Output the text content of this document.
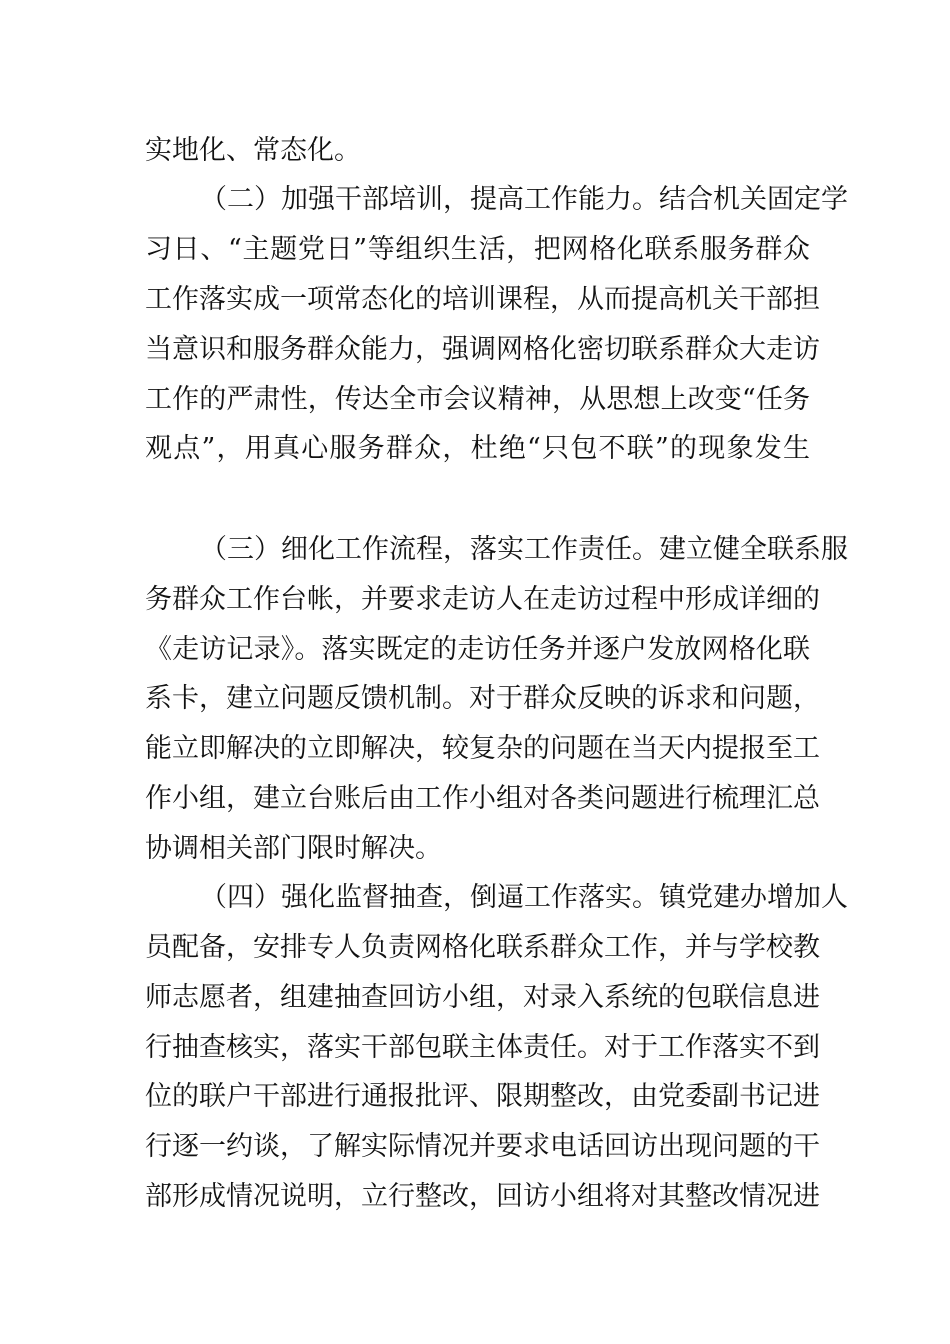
实地化、常态化。
（二）加强干部培训，提高工作能力。结合机关固定学
习日、“主题党日”等组织生活，把网格化联系服务群众
工作落实成一项常态化的培训课程，从而提高机关干部担
当意识和服务群众能力，强调网格化密切联系群众大走访
工作的严肃性，传达全市会议精神，从思想上改变“任务
观点”，用真心服务群众，杜绝“只包不联”的现象发生
（三）细化工作流程，落实工作责任。建立健全联系服
务群众工作台帐，并要求走访人在走访过程中形成详细的
《走访记录》。落实既定的走访任务并逐户发放网格化联
系卡，建立问题反馈机制。对于群众反映的诉求和问题，
能立即解决的立即解决，较复杂的问题在当天内提报至工
作小组，建立台账后由工作小组对各类问题进行梳理汇总
协调相关部门限时解决。
（四）强化监督抽查，倒逼工作落实。镇党建办增加人
员配备，安排专人负责网格化联系群众工作，并与学校教
师志愿者，组建抽查回访小组，对录入系统的包联信息进
行抽查核实，落实干部包联主体责任。对于工作落实不到
位的联户干部进行通报批评、限期整改，由党委副书记进
行逐一约谈，了解实际情况并要求电话回访出现问题的干
部形成情况说明，立行整改，回访小组将对其整改情况进
